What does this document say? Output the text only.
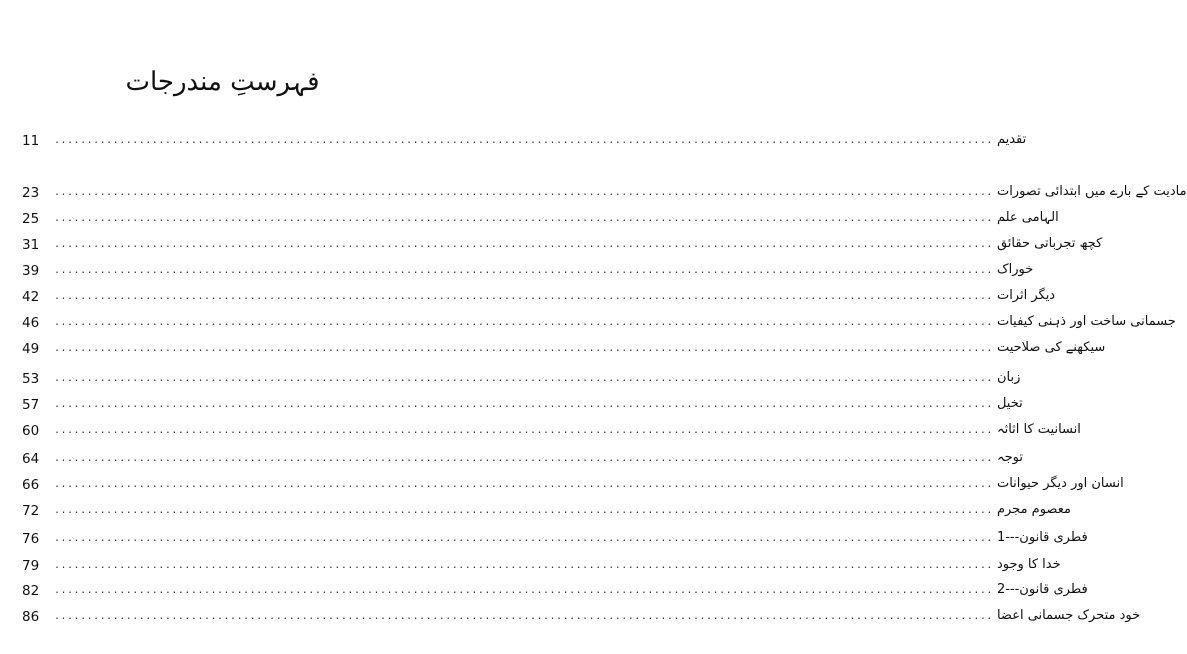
فہرستِ مندرجات
11	................................................................................................................................................ تقدیم
23	................................................................................................................................................ مادیت کے بارے میں ابتدائی تصورات
25	................................................................................................................................................ الہامی علم
31	................................................................................................................................................ کچھ تجرباتی حقائق
39	................................................................................................................................................ خوراک
42	................................................................................................................................................ دیگر اثرات
46	................................................................................................................................................ جسمانی ساخت اور ذہنی کیفیات
49	................................................................................................................................................ سیکھنے کی صلاحیت
53	................................................................................................................................................ زبان
57	................................................................................................................................................ تخیل
60	................................................................................................................................................ انسانیت کا اثاثہ
64	................................................................................................................................................ توجہ
66	................................................................................................................................................ انسان اور دیگر حیوانات
72	................................................................................................................................................ معصوم مجرم
76	................................................................................................................................................ فطری قانون---1
79	................................................................................................................................................ خدا کا وجود
82	................................................................................................................................................ فطری قانون---2
86	................................................................................................................................................ خود متحرک جسمانی اعضا
